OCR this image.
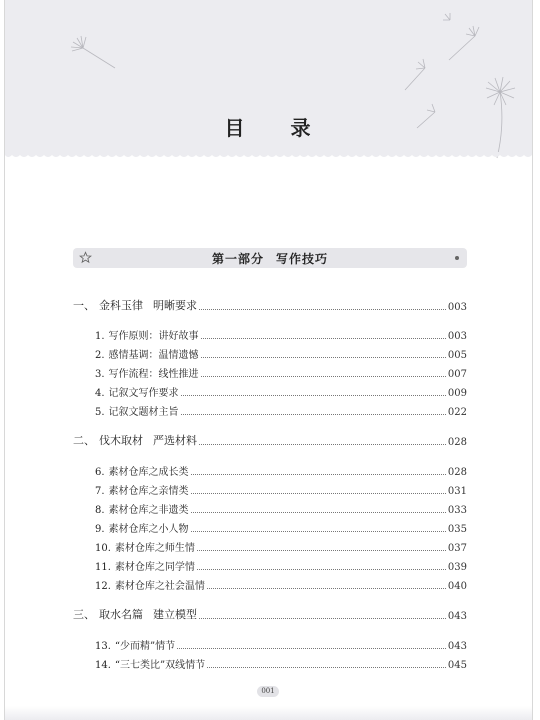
目 录
第一部分 写作技巧
一、 金科玉律 明晰要求	003
1. 写作原则：讲好故事	003
2. 感情基调：温情遗憾	005
3. 写作流程：线性推进	007
4. 记叙文写作要求	009
5. 记叙文题材主旨	022
二、 伐木取材 严选材料	028
6. 素材仓库之成长类	028
7. 素材仓库之亲情类	031
8. 素材仓库之非遗类	033
9. 素材仓库之小人物	035
10. 素材仓库之师生情	037
11. 素材仓库之同学情	039
12. 素材仓库之社会温情	040
三、 取水名篇 建立模型	043
13. “少而精”情节	043
14. “三七类比”双线情节	045
001
